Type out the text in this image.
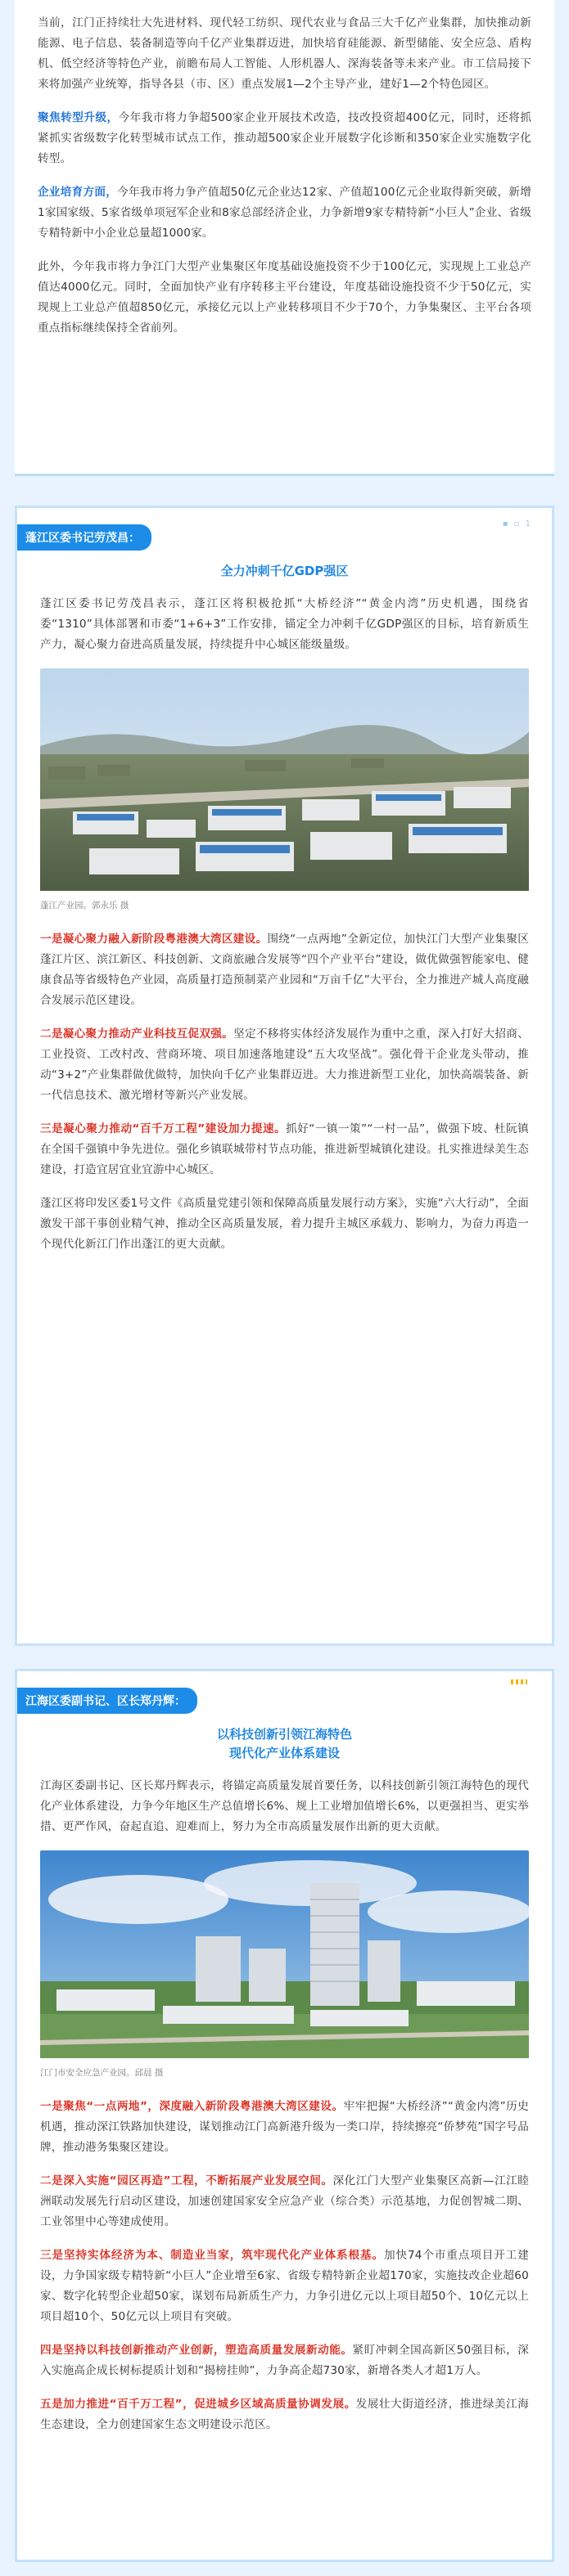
当前，江门正持续壮大先进材料、现代轻工纺织、现代农业与食品三大千亿产业集群，加快推动新能源、电子信息、装备制造等向千亿产业集群迈进，加快培育硅能源、新型储能、安全应急、盾构机、低空经济等特色产业，前瞻布局人工智能、人形机器人、深海装备等未来产业。市工信局接下来将加强产业统筹，指导各县（市、区）重点发展1—2个主导产业，建好1—2个特色园区。

聚焦转型升级，今年我市将力争超500家企业开展技术改造，技改投资超400亿元，同时，还将抓紧抓实省级数字化转型城市试点工作，推动超500家企业开展数字化诊断和350家企业实施数字化转型。

企业培育方面，今年我市将力争产值超50亿元企业达12家、产值超100亿元企业取得新突破，新增1家国家级、5家省级单项冠军企业和8家总部经济企业，力争新增9家专精特新“小巨人”企业、省级专精特新中小企业总量超1000家。

此外，今年我市将力争江门大型产业集聚区年度基础设施投资不少于100亿元，实现规上工业总产值达4000亿元。同时，全面加快产业有序转移主平台建设，年度基础设施投资不少于50亿元，实现规上工业总产值超850亿元，承接亿元以上产业转移项目不少于70个，力争集聚区、主平台各项重点指标继续保持全省前列。

▪ ▫ 1
蓬江区委书记劳茂昌：
全力冲刺千亿GDP强区

蓬江区委书记劳茂昌表示，蓬江区将积极抢抓“大桥经济”“黄金内湾”历史机遇，围绕省委“1310”具体部署和市委“1+6+3”工作安排，锚定全力冲刺千亿GDP强区的目标，培育新质生产力，凝心聚力奋进高质量发展，持续提升中心城区能级量级。

蓬江产业园。郭永乐 摄

一是凝心聚力融入新阶段粤港澳大湾区建设。围绕“一点两地”全新定位，加快江门大型产业集聚区蓬江片区、滨江新区、科技创新、文商旅融合发展等“四个产业平台”建设，做优做强智能家电、健康食品等省级特色产业园，高质量打造预制菜产业园和“万亩千亿”大平台，全力推进产城人高度融合发展示范区建设。

二是凝心聚力推动产业科技互促双强。坚定不移将实体经济发展作为重中之重，深入打好大招商、工业投资、工改村改、营商环境、项目加速落地建设“五大攻坚战”。强化骨干企业龙头带动，推动“3+2”产业集群做优做特，加快向千亿产业集群迈进。大力推进新型工业化，加快高端装备、新一代信息技术、激光增材等新兴产业发展。

三是凝心聚力推动“百千万工程”建设加力提速。抓好“一镇一策”“一村一品”，做强下坡、杜阮镇在全国千强镇中争先进位。强化乡镇联城带村节点功能，推进新型城镇化建设。扎实推进绿美生态建设，打造宜居宜业宜游中心城区。

蓬江区将印发区委1号文件《高质量党建引领和保障高质量发展行动方案》，实施“六大行动”，全面激发干部干事创业精气神，推动全区高质量发展，着力提升主城区承载力、影响力，为奋力再造一个现代化新江门作出蓬江的更大贡献。

江海区委副书记、区长郑丹辉：
以科技创新引领江海特色
现代化产业体系建设

江海区委副书记、区长郑丹辉表示，将锚定高质量发展首要任务，以科技创新引领江海特色的现代化产业体系建设，力争今年地区生产总值增长6%、规上工业增加值增长6%，以更强担当、更实举措、更严作风，奋起直追、迎难而上，努力为全市高质量发展作出新的更大贡献。

江门市安全应急产业园。邱晨 摄

一是聚焦“一点两地”，深度融入新阶段粤港澳大湾区建设。牢牢把握“大桥经济”“黄金内湾”历史机遇，推动深江铁路加快建设，谋划推动江门高新港升级为一类口岸，持续擦亮“侨梦苑”国字号品牌，推动港务集聚区建设。

二是深入实施“园区再造”工程，不断拓展产业发展空间。深化江门大型产业集聚区高新—江江睦洲联动发展先行启动区建设，加速创建国家安全应急产业（综合类）示范基地，力促创智城二期、工业邻里中心等建成使用。

三是坚持实体经济为本、制造业当家，筑牢现代化产业体系根基。加快74个市重点项目开工建设，力争国家级专精特新“小巨人”企业增至6家、省级专精特新企业超170家，实施技改企业超60家、数字化转型企业超50家，谋划布局新质生产力，力争引进亿元以上项目超50个、10亿元以上项目超10个、50亿元以上项目有突破。

四是坚持以科技创新推动产业创新，塑造高质量发展新动能。紧盯冲刺全国高新区50强目标，深入实施高企成长树标提质计划和“揭榜挂帅”，力争高企超730家，新增各类人才超1万人。

五是加力推进“百千万工程”，促进城乡区域高质量协调发展。发展壮大街道经济，推进绿美江海生态建设，全力创建国家生态文明建设示范区。
